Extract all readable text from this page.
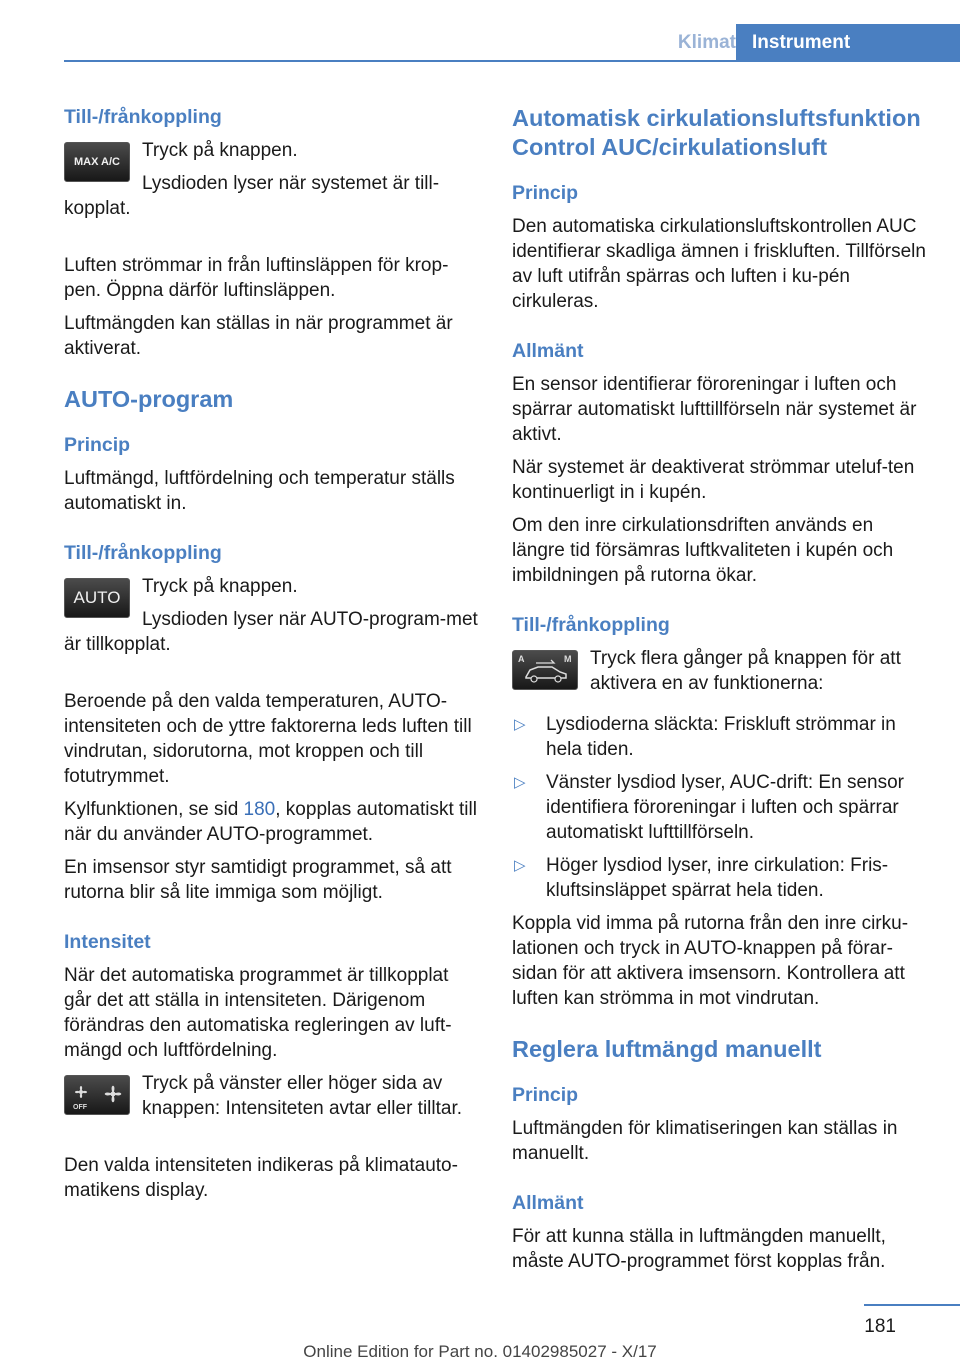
Klimat Instrument
Till-/frånkoppling
MAX A/C
Tryck på knappen.
Lysdioden lyser när systemet är till-kopplat.
Luften strömmar in från luftinsläppen för krop-pen. Öppna därför luftinsläppen.
Luftmängden kan ställas in när programmet är aktiverat.
AUTO-program
Princip
Luftmängd, luftfördelning och temperatur ställs automatiskt in.
Till-/frånkoppling
AUTO
Tryck på knappen.
Lysdioden lyser när AUTO-program-met är tillkopplat.
Beroende på den valda temperaturen, AUTO-intensiteten och de yttre faktorerna leds luften till vindrutan, sidorutorna, mot kroppen och till fotutrymmet.
Kylfunktionen, se sid 180, kopplas automatiskt till när du använder AUTO-programmet.
En imsensor styr samtidigt programmet, så att rutorna blir så lite immiga som möjligt.
Intensitet
När det automatiska programmet är tillkopplat går det att ställa in intensiteten. Därigenom förändras den automatiska regleringen av luft-mängd och luftfördelning.
OFF
Tryck på vänster eller höger sida av knappen: Intensiteten avtar eller tilltar.
Den valda intensiteten indikeras på klimatauto-matikens display.
Automatisk cirkulationsluftsfunktion Control AUC/cirkulationsluft
Princip
Den automatiska cirkulationsluftskontrollen AUC identifierar skadliga ämnen i friskluften. Tillförseln av luft utifrån spärras och luften i ku-pén cirkuleras.
Allmänt
En sensor identifierar föroreningar i luften och spärrar automatiskt lufttillförseln när systemet är aktivt.
När systemet är deaktiverat strömmar uteluf-ten kontinuerligt in i kupén.
Om den inre cirkulationsdriften används en längre tid försämras luftkvaliteten i kupén och imbildningen på rutorna ökar.
Till-/frånkoppling
A	M Tryck flera gånger på knappen för att aktivera en av funktionerna:
▷ Lysdioderna släckta: Friskluft strömmar in hela tiden.
▷ Vänster lysdiod lyser, AUC-drift: En sensor identifiera föroreningar i luften och spärrar automatiskt lufttillförseln.
▷ Höger lysdiod lyser, inre cirkulation: Fris-kluftsinsläppet spärrat hela tiden.
Koppla vid imma på rutorna från den inre cirku-lationen och tryck in AUTO-knappen på förar-sidan för att aktivera imsensorn. Kontrollera att luften kan strömma in mot vindrutan.
Reglera luftmängd manuellt
Princip
Luftmängden för klimatiseringen kan ställas in manuellt.
Allmänt
För att kunna ställa in luftmängden manuellt, måste AUTO-programmet först kopplas från.
181
Online Edition for Part no. 01402985027 - X/17
